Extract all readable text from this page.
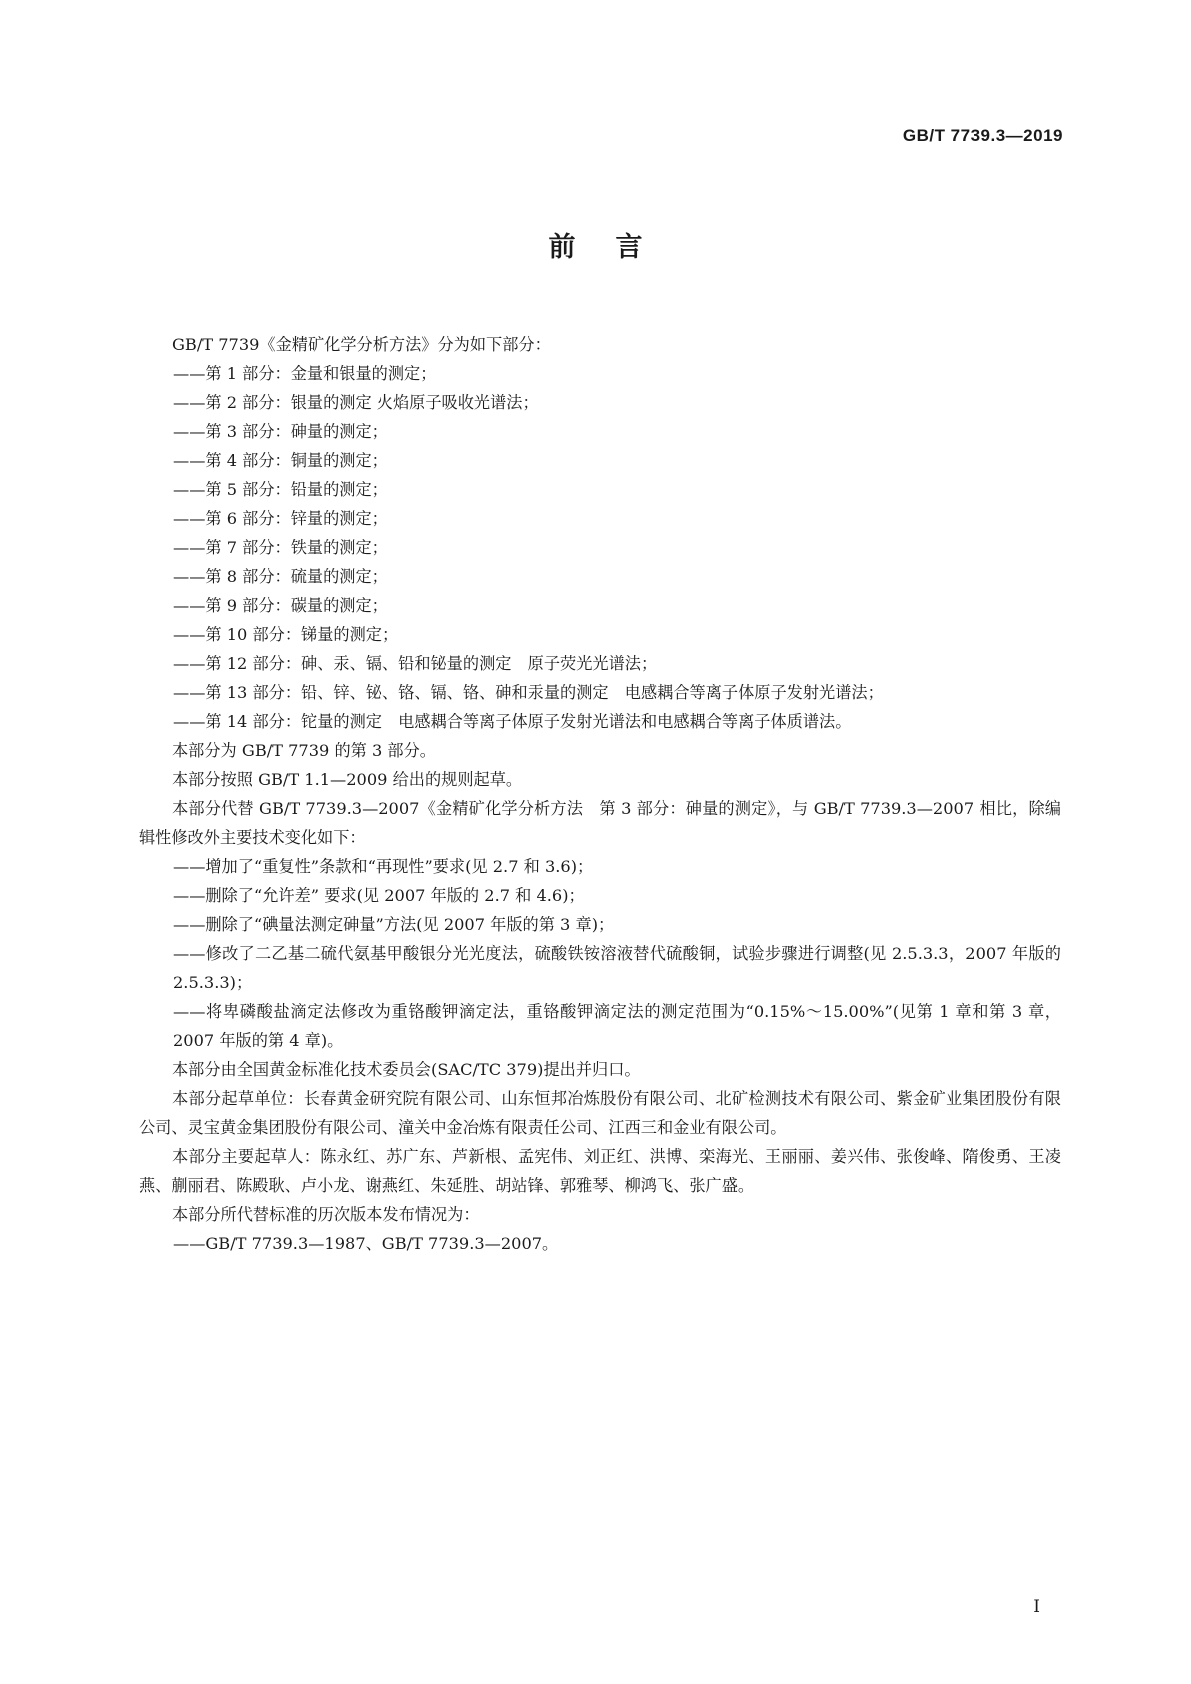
GB/T 7739.3—2019
前言

GB/T 7739《金精矿化学分析方法》分为如下部分：

——第 1 部分：金量和银量的测定；

——第 2 部分：银量的测定 火焰原子吸收光谱法；

——第 3 部分：砷量的测定；

——第 4 部分：铜量的测定；

——第 5 部分：铅量的测定；

——第 6 部分：锌量的测定；

——第 7 部分：铁量的测定；

——第 8 部分：硫量的测定；

——第 9 部分：碳量的测定；

——第 10 部分：锑量的测定；

——第 12 部分：砷、汞、镉、铅和铋量的测定　原子荧光光谱法；

——第 13 部分：铅、锌、铋、铬、镉、铬、砷和汞量的测定　电感耦合等离子体原子发射光谱法；

——第 14 部分：铊量的测定　电感耦合等离子体原子发射光谱法和电感耦合等离子体质谱法。

本部分为 GB/T 7739 的第 3 部分。

本部分按照 GB/T 1.1—2009 给出的规则起草。

本部分代替 GB/T 7739.3—2007《金精矿化学分析方法　第 3 部分：砷量的测定》，与 GB/T 7739.3—2007 相比，除编辑性修改外主要技术变化如下：

——增加了“重复性”条款和“再现性”要求(见 2.7 和 3.6)；

——删除了“允许差” 要求(见 2007 年版的 2.7 和 4.6)；

——删除了“碘量法测定砷量”方法(见 2007 年版的第 3 章)；

——修改了二乙基二硫代氨基甲酸银分光光度法，硫酸铁铵溶液替代硫酸铜，试验步骤进行调整(见 2.5.3.3，2007 年版的 2.5.3.3)；

——将卑磷酸盐滴定法修改为重铬酸钾滴定法，重铬酸钾滴定法的测定范围为“0.15%～15.00%”(见第 1 章和第 3 章，2007 年版的第 4 章)。

本部分由全国黄金标准化技术委员会(SAC/TC 379)提出并归口。

本部分起草单位：长春黄金研究院有限公司、山东恒邦冶炼股份有限公司、北矿检测技术有限公司、紫金矿业集团股份有限公司、灵宝黄金集团股份有限公司、潼关中金冶炼有限责任公司、江西三和金业有限公司。

本部分主要起草人：陈永红、苏广东、芦新根、孟宪伟、刘正红、洪博、栾海光、王丽丽、姜兴伟、张俊峰、隋俊勇、王凌燕、蒯丽君、陈殿耿、卢小龙、谢燕红、朱延胜、胡站锋、郭雅琴、柳鸿飞、张广盛。

本部分所代替标准的历次版本发布情况为：

——GB/T 7739.3—1987、GB/T 7739.3—2007。

I
